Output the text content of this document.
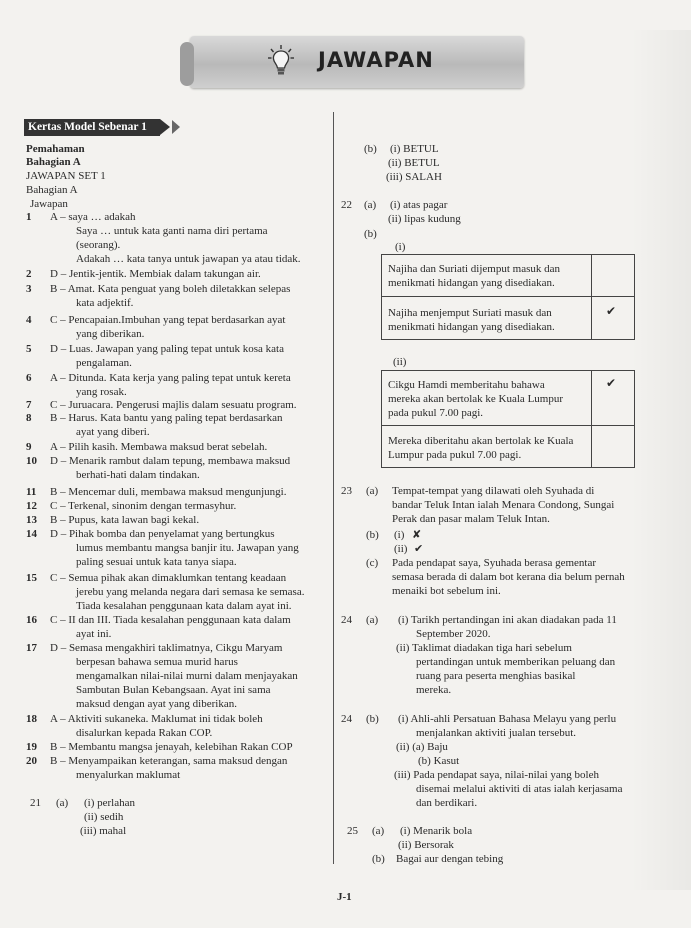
JAWAPAN
Kertas Model Sebenar 1
Pemahaman
Bahagian A
JAWAPAN SET 1
Bahagian A
Jawapan
1 A – saya … adakah
Saya … untuk kata ganti nama diri pertama
(seorang).
Adakah … kata tanya untuk jawapan ya atau tidak.
2 D – Jentik-jentik. Membiak dalam takungan air.
3 B – Amat. Kata penguat yang boleh diletakkan selepas
kata adjektif.
4 C – Pencapaian.Imbuhan yang tepat berdasarkan ayat
yang diberikan.
5 D – Luas. Jawapan yang paling tepat untuk kosa kata
pengalaman.
6 A – Ditunda. Kata kerja yang paling tepat untuk kereta
yang rosak.
7 C – Juruacara. Pengerusi majlis dalam sesuatu program.
8 B – Harus. Kata bantu yang paling tepat berdasarkan
ayat yang diberi.
9 A – Pilih kasih. Membawa maksud berat sebelah.
10 D – Menarik rambut dalam tepung, membawa maksud
berhati-hati dalam tindakan.
11 B – Mencemar duli, membawa maksud mengunjungi.
12 C – Terkenal, sinonim dengan termasyhur.
13 B – Pupus, kata lawan bagi kekal.
14 D – Pihak bomba dan penyelamat yang bertungkus
lumus membantu mangsa banjir itu. Jawapan yang
paling sesuai untuk kata tanya siapa.
15 C – Semua pihak akan dimaklumkan tentang keadaan
jerebu yang melanda negara dari semasa ke semasa.
Tiada kesalahan penggunaan kata dalam ayat ini.
16 C – II dan III. Tiada kesalahan penggunaan kata dalam
ayat ini.
17 D – Semasa mengakhiri taklimatnya, Cikgu Maryam
berpesan bahawa semua murid harus
mengamalkan nilai-nilai murni dalam menjayakan
Sambutan Bulan Kebangsaan. Ayat ini sama
maksud dengan ayat yang diberikan.
18 A – Aktiviti sukaneka. Maklumat ini tidak boleh
disalurkan kepada Rakan COP.
19 B – Membantu mangsa jenayah, kelebihan Rakan COP
20 B – Menyampaikan keterangan, sama maksud dengan
menyalurkan maklumat
21 (a) (i) perlahan
(ii) sedih
(iii) mahal
(b) (i) BETUL
(ii) BETUL
(iii) SALAH
22 (a) (i) atas pagar
(ii) lipas kudung
(b)
(i)
Najiha dan Suriati dijemput masuk dan
menikmati hidangan yang disediakan.
Najiha menjemput Suriati masuk dan
menikmati hidangan yang disediakan.
(ii)
Cikgu Hamdi memberitahu bahawa
mereka akan bertolak ke Kuala Lumpur
pada pukul 7.00 pagi.
Mereka diberitahu akan bertolak ke Kuala
Lumpur pada pukul 7.00 pagi.
23 (a) Tempat-tempat yang dilawati oleh Syuhada di
bandar Teluk Intan ialah Menara Condong, Sungai
Perak dan pasar malam Teluk Intan.
(b) (i)
(ii)
(c) Pada pendapat saya, Syuhada berasa gementar
semasa berada di dalam bot kerana dia belum pernah
menaiki bot sebelum ini.
24 (a) (i) Tarikh pertandingan ini akan diadakan pada 11
September 2020.
(ii) Taklimat diadakan tiga hari sebelum
pertandingan untuk memberikan peluang dan
ruang para peserta menghias basikal
mereka.
24 (b) (i) Ahli-ahli Persatuan Bahasa Melayu yang perlu
menjalankan aktiviti jualan tersebut.
(ii) (a) Baju
(b) Kasut
(iii) Pada pendapat saya, nilai-nilai yang boleh
disemai melalui aktiviti di atas ialah kerjasama
dan berdikari.
25 (a) (i) Menarik bola
(ii) Bersorak
(b) Bagai aur dengan tebing
✔
✔
✘
✔
J-1
